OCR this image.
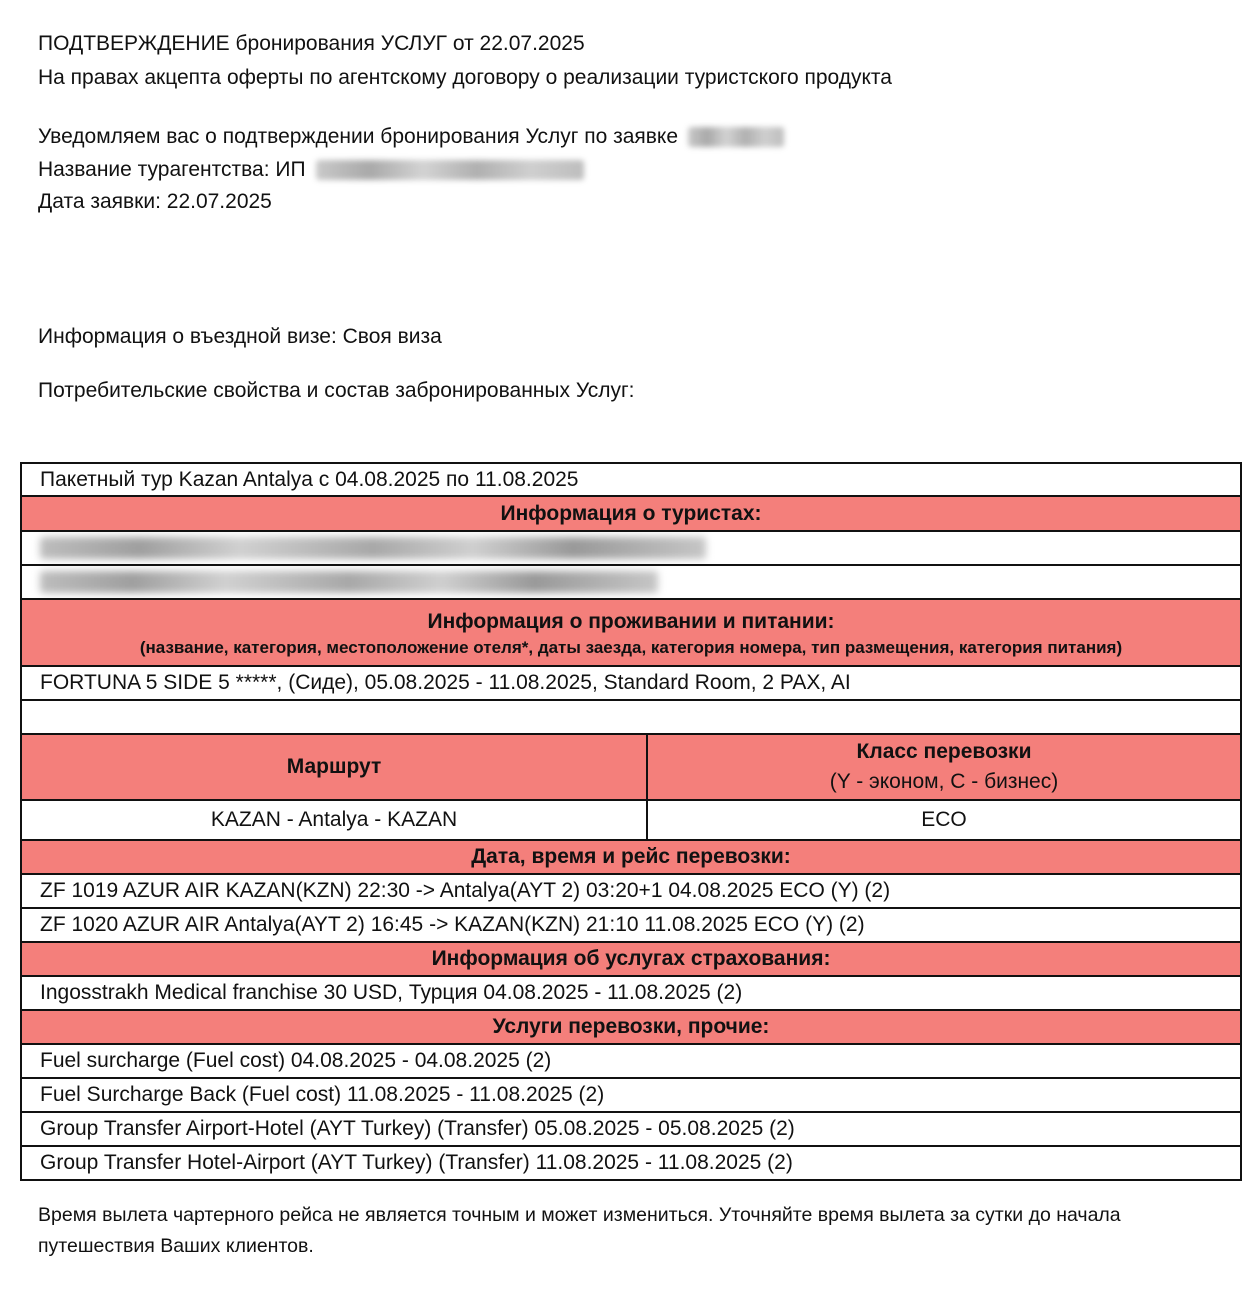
ПОДТВЕРЖДЕНИЕ бронирования УСЛУГ от 22.07.2025
На правах акцепта оферты по агентскому договору о реализации туристского продукта
Уведомляем вас о подтверждении бронирования Услуг по заявке
Название турагентства: ИП
Дата заявки: 22.07.2025
Информация о въездной визе: Своя виза
Потребительские свойства и состав забронированных Услуг:
Пакетный тур Kazan Antalya с 04.08.2025 по 11.08.2025	
Информация о туристах:	

Информация о проживании и питании:
(название, категория, местоположение отеля*, даты заезда, категория номера, тип размещения, категория питания)	

FORTUNA 5 SIDE 5 *****, (Сиде), 05.08.2025 - 11.08.2025, Standard Room, 2 PAX, AI	

Маршрут	Класс перевозки
(Y - эконом, C - бизнес)

KAZAN - Antalya - KAZAN	ECO
Дата, время и рейс перевозки:	
ZF 1019 AZUR AIR KAZAN(KZN) 22:30 -> Antalya(AYT 2) 03:20+1 04.08.2025 ECO (Y) (2)	
ZF 1020 AZUR AIR Antalya(AYT 2) 16:45 -> KAZAN(KZN) 21:10 11.08.2025 ECO (Y) (2)	
Информация об услугах страхования:	
Ingosstrakh Medical franchise 30 USD, Турция 04.08.2025 - 11.08.2025 (2)	
Услуги перевозки, прочие:	
Fuel surcharge (Fuel cost) 04.08.2025 - 04.08.2025 (2)	
Fuel Surcharge Back (Fuel cost) 11.08.2025 - 11.08.2025 (2)	
Group Transfer Airport-Hotel (AYT Turkey) (Transfer) 05.08.2025 - 05.08.2025 (2)	
Group Transfer Hotel-Airport (AYT Turkey) (Transfer) 11.08.2025 - 11.08.2025 (2)	
Время вылета чартерного рейса не является точным и может измениться. Уточняйте время вылета за сутки до начала путешествия Ваших клиентов.
